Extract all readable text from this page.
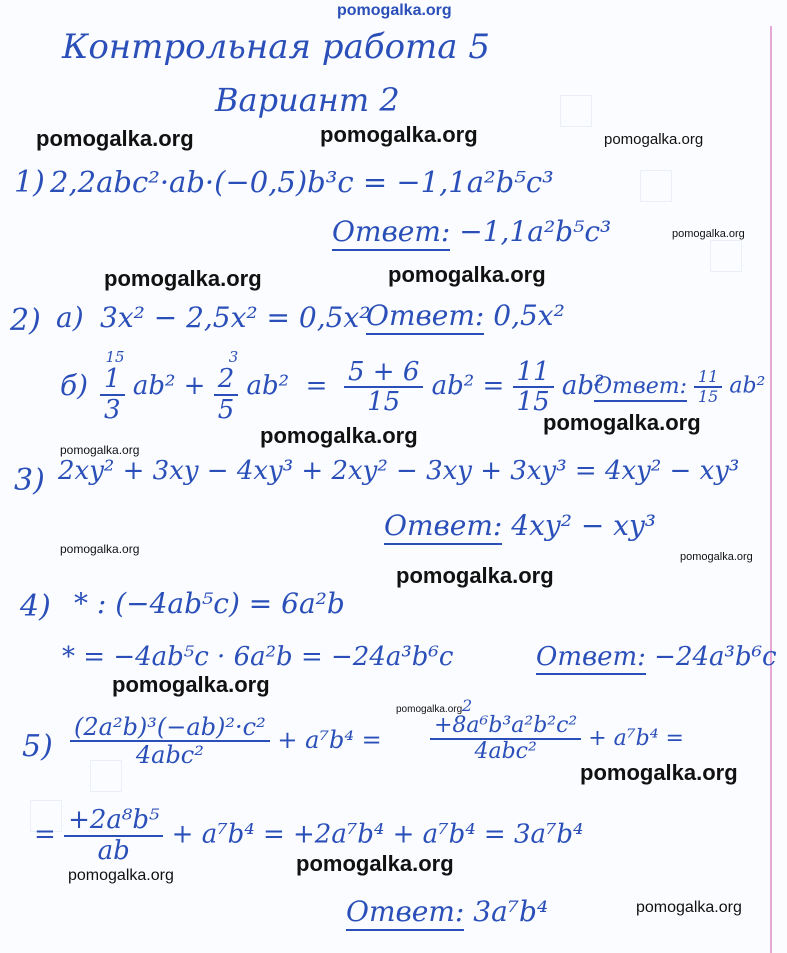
pomogalka.org
Контрольная работа 5
Вариант 2
pomogalka.org	pomogalka.org	pomogalka.org
pomogalka.org
pomogalka.org	pomogalka.org
pomogalka.org
pomogalka.org
pomogalka.org
pomogalka.org
pomogalka.org
pomogalka.org
pomogalka.org
pomogalka.org
pomogalka.org
pomogalka.org
pomogalka.org
pomogalka.org
1) 2,2abc²·ab·(−0,5)b³c = −1,1a²b⁵c³
Ответ: −1,1a²b⁵c³
2) а) 3x² − 2,5x² = 0,5x²
Ответ: 0,5x²
б)
15
1
3
ab² +
3
2
5
$ab^2 = \frac{5 + 6}{15} ab^2 = \frac{11}{15} ab^2$
Ответ: $\frac{11}{15} ab^2$
3) 2xy² + 3xy − 4xy³ + 2xy² − 3xy + 3xy³ = 4xy² − xy³
Ответ: 4xy² − xy³
4) * : (−4ab⁵c) = 6a²b
* = −4ab⁵c · 6a²b = −24a³b⁶c	Ответ: −24a³b⁶c
$5) \frac{\text{(2a²b)³(−ab)²·c²}}{\text{4abc²}} + a^7b^4$ =
2
$\frac{\text{+8a⁶b³a²b²c²}}{\text{4abc²}} + a^7b^4$ =
= $\frac{\text{+2a⁸b⁵}}{ab} + a^7b^4 = +2a^7b^4 + a^7b^4 = 3a^7b^4$
Ответ: 3a⁷b⁴
